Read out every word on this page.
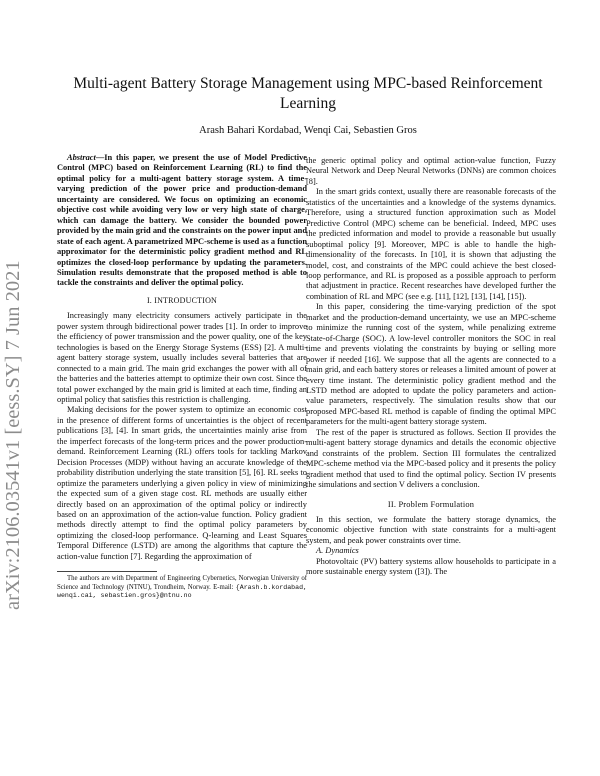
arXiv:2106.03541v1 [eess.SY] 7 Jun 2021
Multi-agent Battery Storage Management using MPC-based Reinforcement Learning
Arash Bahari Kordabad, Wenqi Cai, Sebastien Gros

Abstract—In this paper, we present the use of Model Predictive Control (MPC) based on Reinforcement Learning (RL) to find the optimal policy for a multi-agent battery storage system. A time-varying prediction of the power price and production-demand uncertainty are considered. We focus on optimizing an economic objective cost while avoiding very low or very high state of charge, which can damage the battery. We consider the bounded power provided by the main grid and the constraints on the power input and state of each agent. A parametrized MPC-scheme is used as a function approximator for the deterministic policy gradient method and RL optimizes the closed-loop performance by updating the parameters. Simulation results demonstrate that the proposed method is able to tackle the constraints and deliver the optimal policy.

I. INTRODUCTION

Increasingly many electricity consumers actively participate in the power system through bidirectional power trades [1]. In order to improve the efficiency of power transmission and the power quality, one of the key technologies is based on the Energy Storage Systems (ESS) [2]. A multi-agent battery storage system, usually includes several batteries that are connected to a main grid. The main grid exchanges the power with all of the batteries and the batteries attempt to optimize their own cost. Since the total power exchanged by the main grid is limited at each time, finding an optimal policy that satisfies this restriction is challenging.

Making decisions for the power system to optimize an economic cost in the presence of different forms of uncertainties is the object of recent publications [3], [4]. In smart grids, the uncertainties mainly arise from the imperfect forecasts of the long-term prices and the power production-demand. Reinforcement Learning (RL) offers tools for tackling Markov Decision Processes (MDP) without having an accurate knowledge of the probability distribution underlying the state transition [5], [6]. RL seeks to optimize the parameters underlying a given policy in view of minimizing the expected sum of a given stage cost. RL methods are usually either directly based on an approximation of the optimal policy or indirectly based on an approximation of the action-value function. Policy gradient methods directly attempt to find the optimal policy parameters by optimizing the closed-loop performance. Q-learning and Least Squares Temporal Difference (LSTD) are among the algorithms that capture the action-value function [7]. Regarding the approximation of

The authors are with Department of Engineering Cybernetics, Norwegian University of Science and Technology (NTNU), Trondheim, Norway. E-mail: {Arash.b.kordabad, wenqi.cai, sebastien.gros}@ntnu.no

the generic optimal policy and optimal action-value function, Fuzzy Neural Network and Deep Neural Networks (DNNs) are common choices [8].

In the smart grids context, usually there are reasonable forecasts of the statistics of the uncertainties and a knowledge of the systems dynamics. Therefore, using a structured function approximation such as Model Predictive Control (MPC) scheme can be beneficial. Indeed, MPC uses the predicted information and model to provide a reasonable but usually suboptimal policy [9]. Moreover, MPC is able to handle the high-dimensionality of the forecasts. In [10], it is shown that adjusting the model, cost, and constraints of the MPC could achieve the best closed-loop performance, and RL is proposed as a possible approach to perform that adjustment in practice. Recent researches have developed further the combination of RL and MPC (see e.g. [11], [12], [13], [14], [15]).

In this paper, considering the time-varying prediction of the spot market and the production-demand uncertainty, we use an MPC-scheme to minimize the running cost of the system, while penalizing extreme State-of-Charge (SOC). A low-level controller monitors the SOC in real time and prevents violating the constraints by buying or selling more power if needed [16]. We suppose that all the agents are connected to a main grid, and each battery stores or releases a limited amount of power at every time instant. The deterministic policy gradient method and the LSTD method are adopted to update the policy parameters and action-value parameters, respectively. The simulation results show that our proposed MPC-based RL method is capable of finding the optimal MPC parameters for the multi-agent battery storage system.

The rest of the paper is structured as follows. Section II provides the multi-agent battery storage dynamics and details the economic objective and constraints of the problem. Section III formulates the centralized MPC-scheme method via the MPC-based policy and it presents the policy gradient method that used to find the optimal policy. Section IV presents the simulations and section V delivers a conclusion.

II. Problem Formulation

In this section, we formulate the battery storage dynamics, the economic objective function with state constraints for a multi-agent system, and peak power constraints over time.

A. Dynamics

Photovoltaic (PV) battery systems allow households to participate in a more sustainable energy system ([3]). The
